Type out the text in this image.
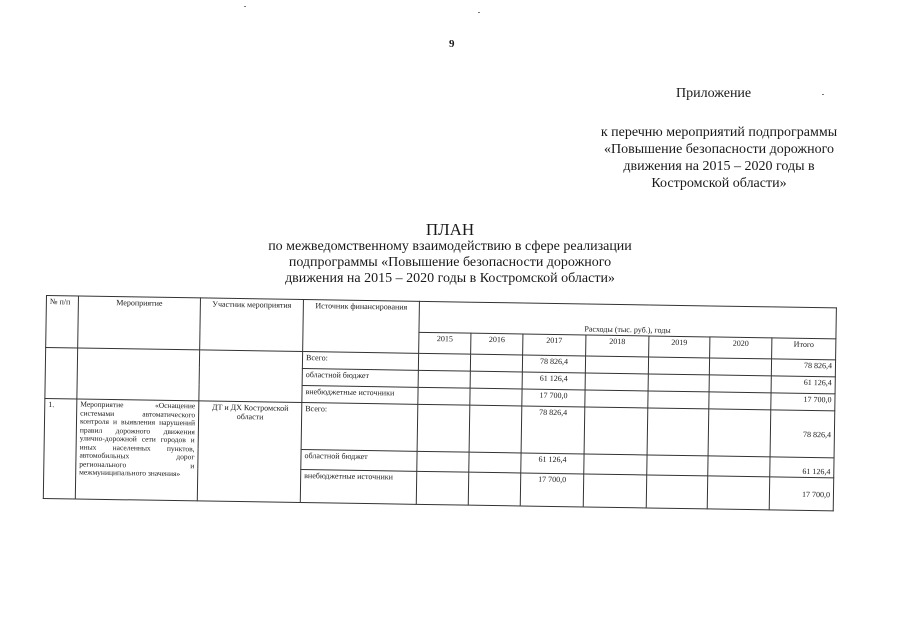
9
Приложение
к перечню мероприятий подпрограммы
«Повышение безопасности дорожного
движения на 2015 – 2020 годы в
Костромской области»
ПЛАН
по межведомственному взаимодействию в сфере реализации
подпрограммы «Повышение безопасности дорожного
движения на 2015 – 2020 годы в Костромской области»
№ п/п	Мероприятие	Участник мероприятия	Источник финансирования	Расходы (тыс. руб.), годы						
				2015	2016	2017	2018	2019	2020	Итого
			Всего:			78 826,4				78 826,4
			областной бюджет			61 126,4				61 126,4
			внебюджетные источники			17 700,0				17 700,0
1.	Мероприятие «Оснащение системами автоматического контроля и выявления нарушений правил дорожного движения улично-дорожной сети городов и иных населенных пунктов, автомобильных дорог регионального и межмуниципального значения»	ДТ и ДХ Костромской области	Всего:			78 826,4				78 826,4
			областной бюджет			61 126,4				61 126,4
			внебюджетные источники			17 700,0				17 700,0
